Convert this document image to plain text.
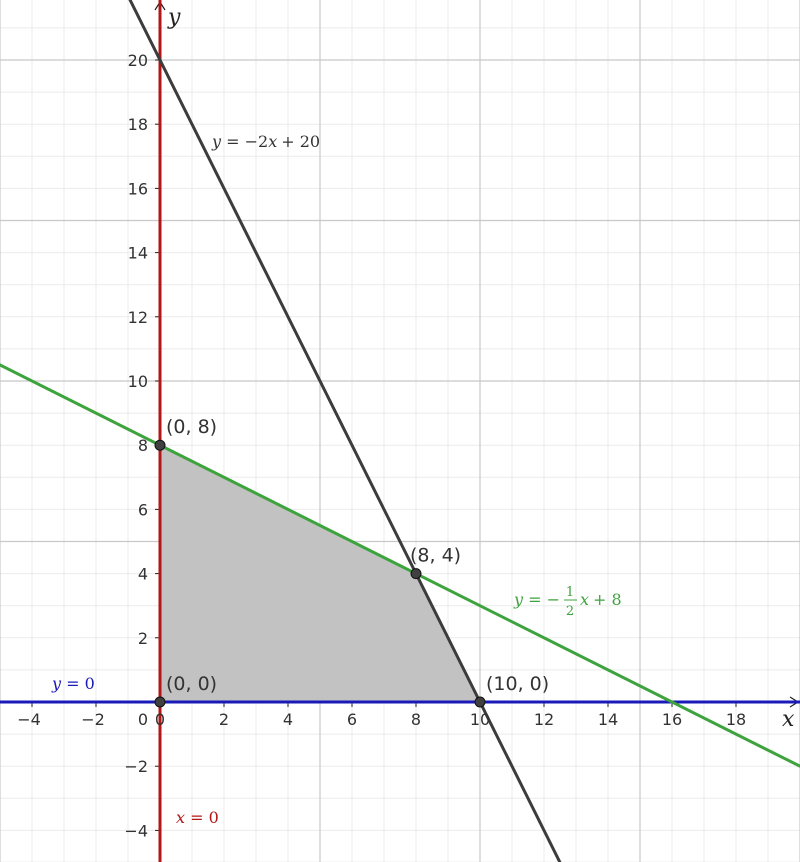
−4	−2	0	2	4	6	8	10	12	14	16	18
−4
−2
2
4
6
8
10
12
14
16
18
20
0	x
y
y = −2x + 20
y = − 1
2
x + 8
y = 0
x = 0
(0, 8)
(8, 4)
(10, 0)
(0, 0)
